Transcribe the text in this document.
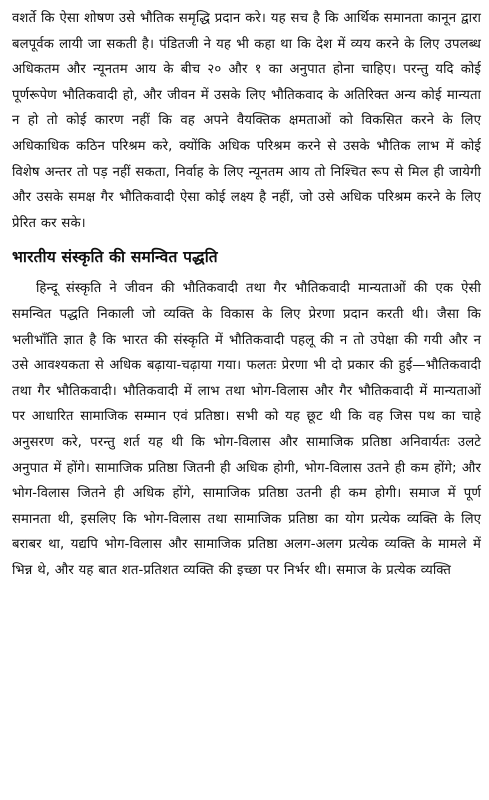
वशर्ते कि ऐसा शोषण उसे भौतिक समृद्धि प्रदान करे। यह सच है कि आर्थिक समानता कानून द्वारा बलपूर्वक लायी जा सकती है। पंडितजी ने यह भी कहा था कि देश में व्यय करने के लिए उपलब्ध अधिकतम और न्यूनतम आय के बीच २० और १ का अनुपात होना चाहिए। परन्तु यदि कोई पूर्णरूपेण भौतिकवादी हो, और जीवन में उसके लिए भौतिकवाद के अतिरिक्त अन्य कोई मान्यता न हो तो कोई कारण नहीं कि वह अपने वैयक्तिक क्षमताओं को विकसित करने के लिए अधिकाधिक कठिन परिश्रम करे, क्योंकि अधिक परिश्रम करने से उसके भौतिक लाभ में कोई विशेष अन्तर तो पड़ नहीं सकता, निर्वाह के लिए न्यूनतम आय तो निश्चित रूप से मिल ही जायेगी और उसके समक्ष गैर भौतिकवादी ऐसा कोई लक्ष्य है नहीं, जो उसे अधिक परिश्रम करने के लिए प्रेरित कर सके।

भारतीय संस्कृति की समन्वित पद्धति

हिन्दू संस्कृति ने जीवन की भौतिकवादी तथा गैर भौतिकवादी मान्यताओं की एक ऐसी समन्वित पद्धति निकाली जो व्यक्ति के विकास के लिए प्रेरणा प्रदान करती थी। जैसा कि भलीभाँति ज्ञात है कि भारत की संस्कृति में भौतिकवादी पहलू की न तो उपेक्षा की गयी और न उसे आवश्यकता से अधिक बढ़ाया-चढ़ाया गया। फलतः प्रेरणा भी दो प्रकार की हुई—भौतिकवादी तथा गैर भौतिकवादी। भौतिकवादी में लाभ तथा भोग-विलास और गैर भौतिकवादी में मान्यताओं पर आधारित सामाजिक सम्मान एवं प्रतिष्ठा। सभी को यह छूट थी कि वह जिस पथ का चाहे अनुसरण करे, परन्तु शर्त यह थी कि भोग-विलास और सामाजिक प्रतिष्ठा अनिवार्यतः उलटे अनुपात में होंगे। सामाजिक प्रतिष्ठा जितनी ही अधिक होगी, भोग-विलास उतने ही कम होंगे; और भोग-विलास जितने ही अधिक होंगे, सामाजिक प्रतिष्ठा उतनी ही कम होगी। समाज में पूर्ण समानता थी, इसलिए कि भोग-विलास तथा सामाजिक प्रतिष्ठा का योग प्रत्येक व्यक्ति के लिए बराबर था, यद्यपि भोग-विलास और सामाजिक प्रतिष्ठा अलग-अलग प्रत्येक व्यक्ति के मामले में भिन्न थे, और यह बात शत-प्रतिशत व्यक्ति की इच्छा पर निर्भर थी। समाज के प्रत्येक व्यक्ति
